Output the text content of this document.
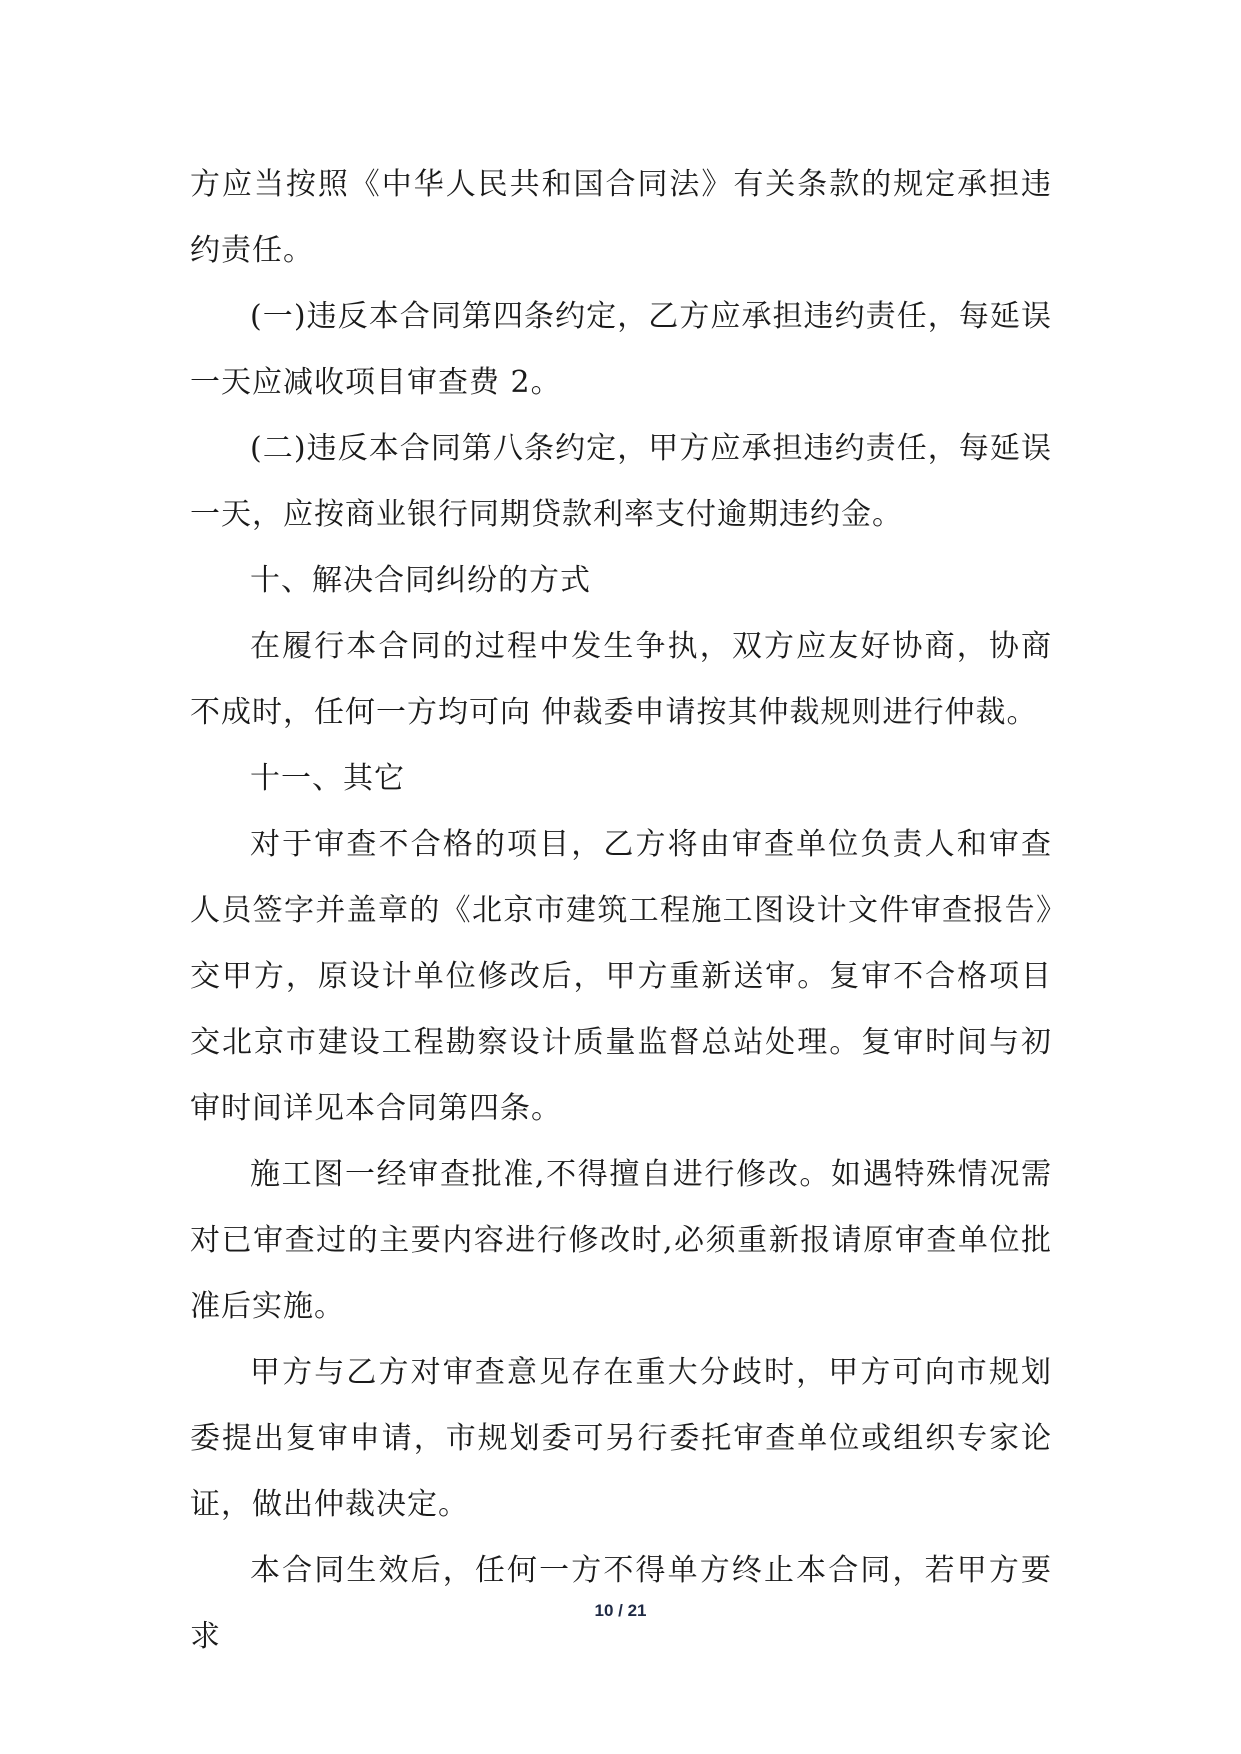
方应当按照《中华人民共和国合同法》有关条款的规定承担违约责任。

(一)违反本合同第四条约定，乙方应承担违约责任，每延误一天应减收项目审查费 2。

(二)违反本合同第八条约定，甲方应承担违约责任，每延误一天，应按商业银行同期贷款利率支付逾期违约金。

十、解决合同纠纷的方式

在履行本合同的过程中发生争执，双方应友好协商，协商不成时，任何一方均可向 仲裁委申请按其仲裁规则进行仲裁。

十一、其它

对于审查不合格的项目，乙方将由审查单位负责人和审查人员签字并盖章的《北京市建筑工程施工图设计文件审查报告》交甲方，原设计单位修改后，甲方重新送审。复审不合格项目交北京市建设工程勘察设计质量监督总站处理。复审时间与初审时间详见本合同第四条。

施工图一经审查批准,不得擅自进行修改。如遇特殊情况需对已审查过的主要内容进行修改时,必须重新报请原审查单位批准后实施。

甲方与乙方对审查意见存在重大分歧时，甲方可向市规划委提出复审申请，市规划委可另行委托审查单位或组织专家论证，做出仲裁决定。

本合同生效后，任何一方不得单方终止本合同，若甲方要求

10 / 21
